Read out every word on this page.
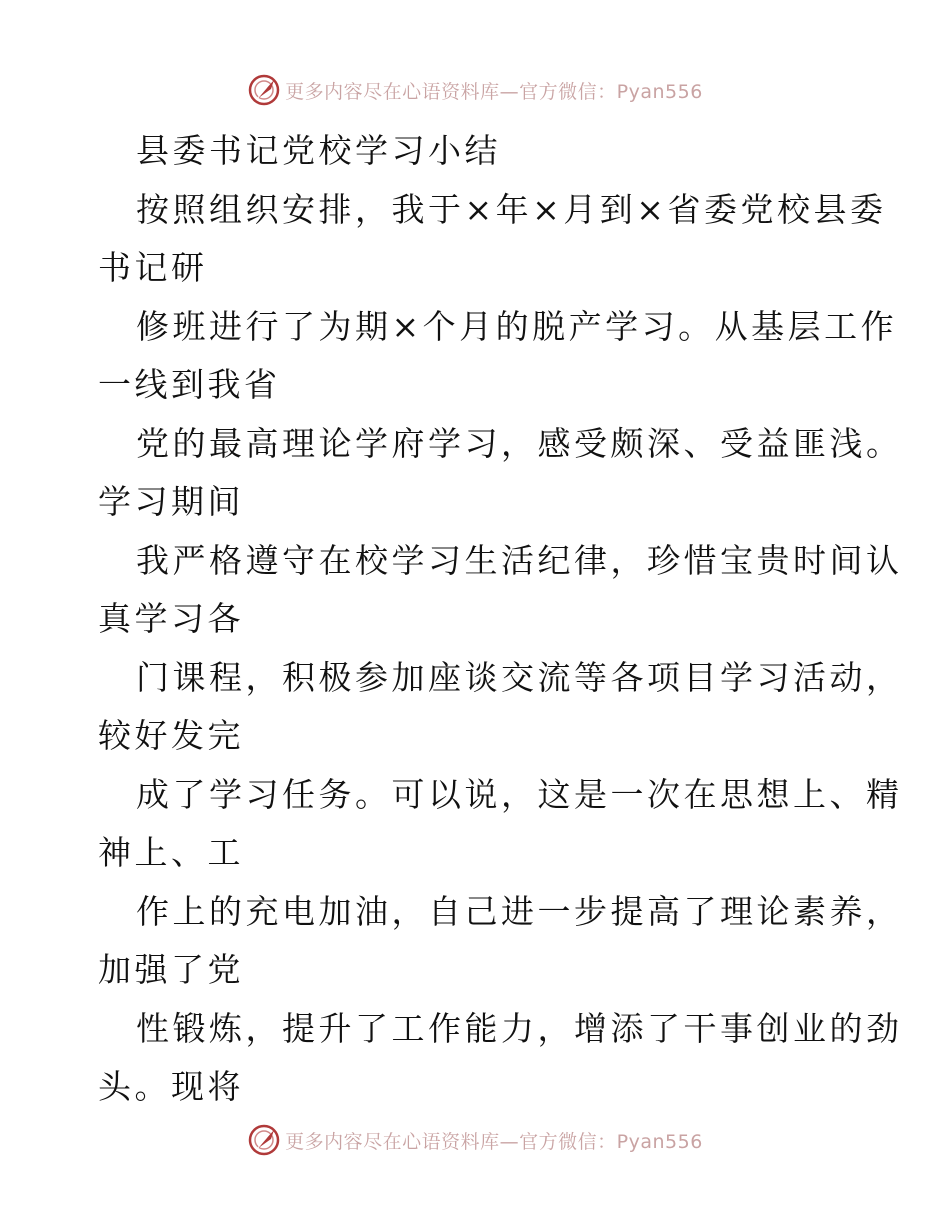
更多内容尽在心语资料库—官方微信：Pyan556
县委书记党校学习小结
按照组织安排，我于×年×月到×省委党校县委
书记研
修班进行了为期×个月的脱产学习。从基层工作
一线到我省
党的最高理论学府学习，感受颇深、受益匪浅。
学习期间
我严格遵守在校学习生活纪律，珍惜宝贵时间认
真学习各
门课程，积极参加座谈交流等各项目学习活动，
较好发完
成了学习任务。可以说，这是一次在思想上、精
神上、工
作上的充电加油，自己进一步提高了理论素养，
加强了党
性锻炼，提升了工作能力，增添了干事创业的劲
头。现将
更多内容尽在心语资料库—官方微信：Pyan556
